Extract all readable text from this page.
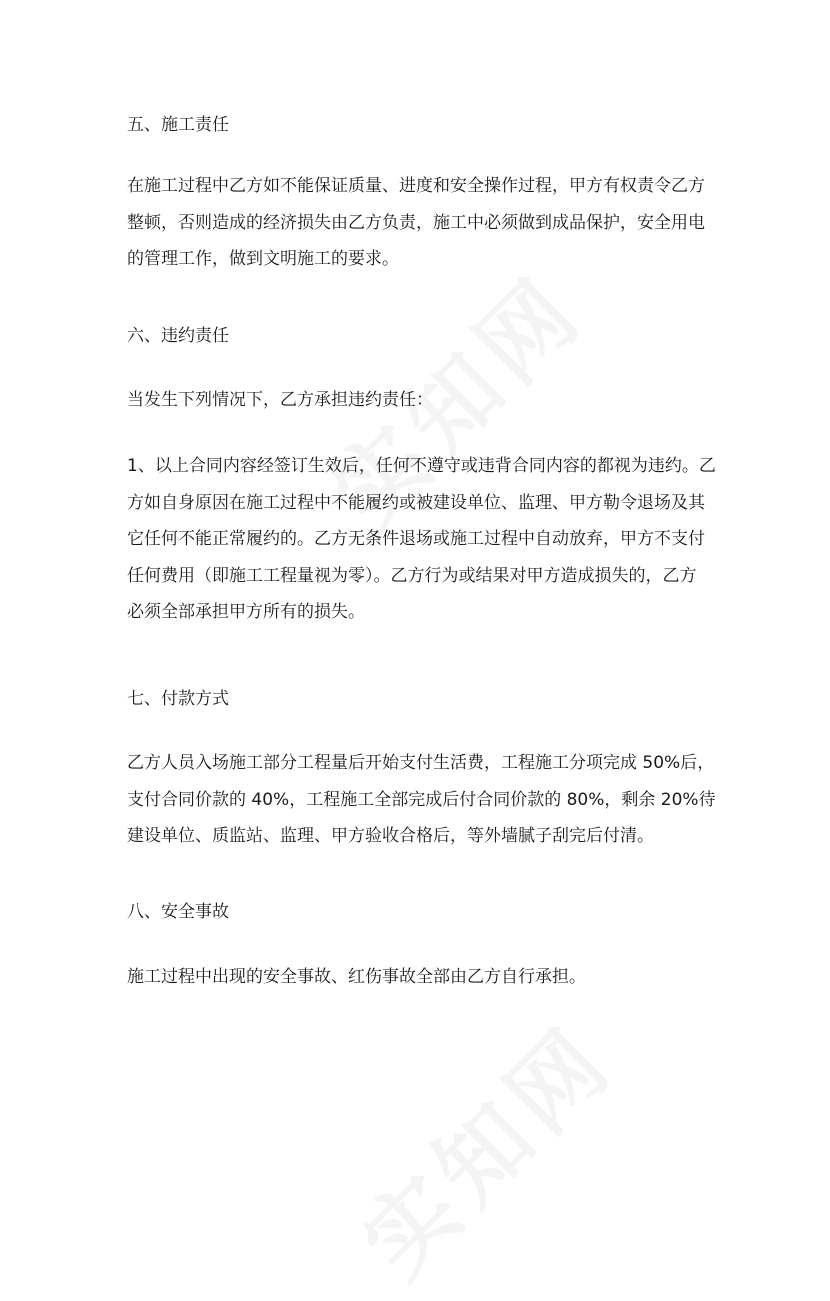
五、施工责任
在施工过程中乙方如不能保证质量、进度和安全操作过程，甲方有权责令乙方
整顿，否则造成的经济损失由乙方负责，施工中必须做到成品保护，安全用电
的管理工作，做到文明施工的要求。
六、违约责任
当发生下列情况下，乙方承担违约责任：
1、以上合同内容经签订生效后，任何不遵守或违背合同内容的都视为违约。乙
方如自身原因在施工过程中不能履约或被建设单位、监理、甲方勒令退场及其
它任何不能正常履约的。乙方无条件退场或施工过程中自动放弃，甲方不支付
任何费用（即施工工程量视为零）。乙方行为或结果对甲方造成损失的，乙方
必须全部承担甲方所有的损失。
七、付款方式
乙方人员入场施工部分工程量后开始支付生活费，工程施工分项完成 50%后，
支付合同价款的 40%，工程施工全部完成后付合同价款的 80%，剩余 20%待
建设单位、质监站、监理、甲方验收合格后，等外墙腻子刮完后付清。
八、安全事故
施工过程中出现的安全事故、红伤事故全部由乙方自行承担。
